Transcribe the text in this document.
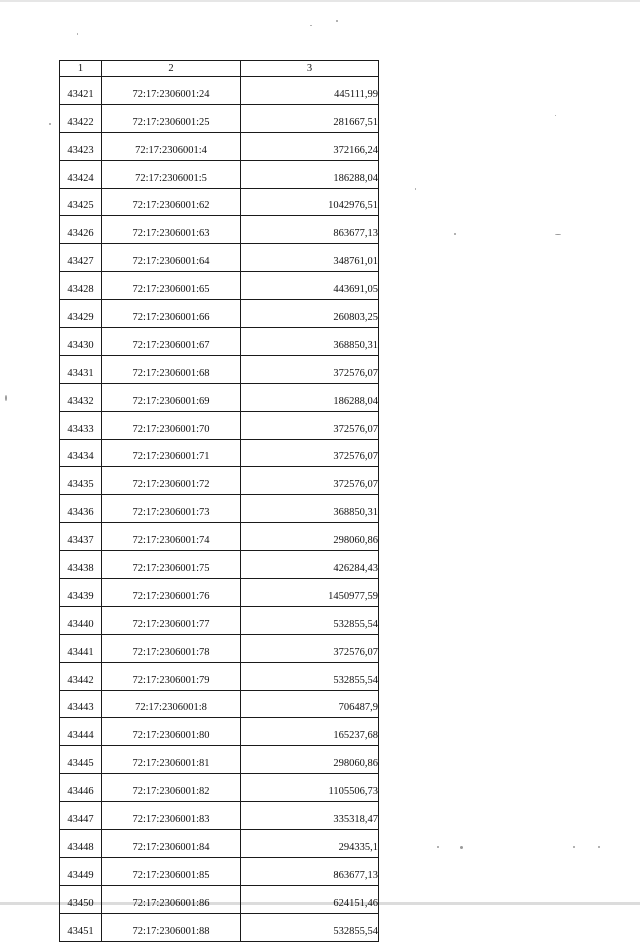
1	2	3
43421	72:17:2306001:24	445111,99
43422	72:17:2306001:25	281667,51
43423	72:17:2306001:4	372166,24
43424	72:17:2306001:5	186288,04
43425	72:17:2306001:62	1042976,51
43426	72:17:2306001:63	863677,13
43427	72:17:2306001:64	348761,01
43428	72:17:2306001:65	443691,05
43429	72:17:2306001:66	260803,25
43430	72:17:2306001:67	368850,31
43431	72:17:2306001:68	372576,07
43432	72:17:2306001:69	186288,04
43433	72:17:2306001:70	372576,07
43434	72:17:2306001:71	372576,07
43435	72:17:2306001:72	372576,07
43436	72:17:2306001:73	368850,31
43437	72:17:2306001:74	298060,86
43438	72:17:2306001:75	426284,43
43439	72:17:2306001:76	1450977,59
43440	72:17:2306001:77	532855,54
43441	72:17:2306001:78	372576,07
43442	72:17:2306001:79	532855,54
43443	72:17:2306001:8	706487,9
43444	72:17:2306001:80	165237,68
43445	72:17:2306001:81	298060,86
43446	72:17:2306001:82	1105506,73
43447	72:17:2306001:83	335318,47
43448	72:17:2306001:84	294335,1
43449	72:17:2306001:85	863677,13
43450	72:17:2306001:86	624151,46
43451	72:17:2306001:88	532855,54
